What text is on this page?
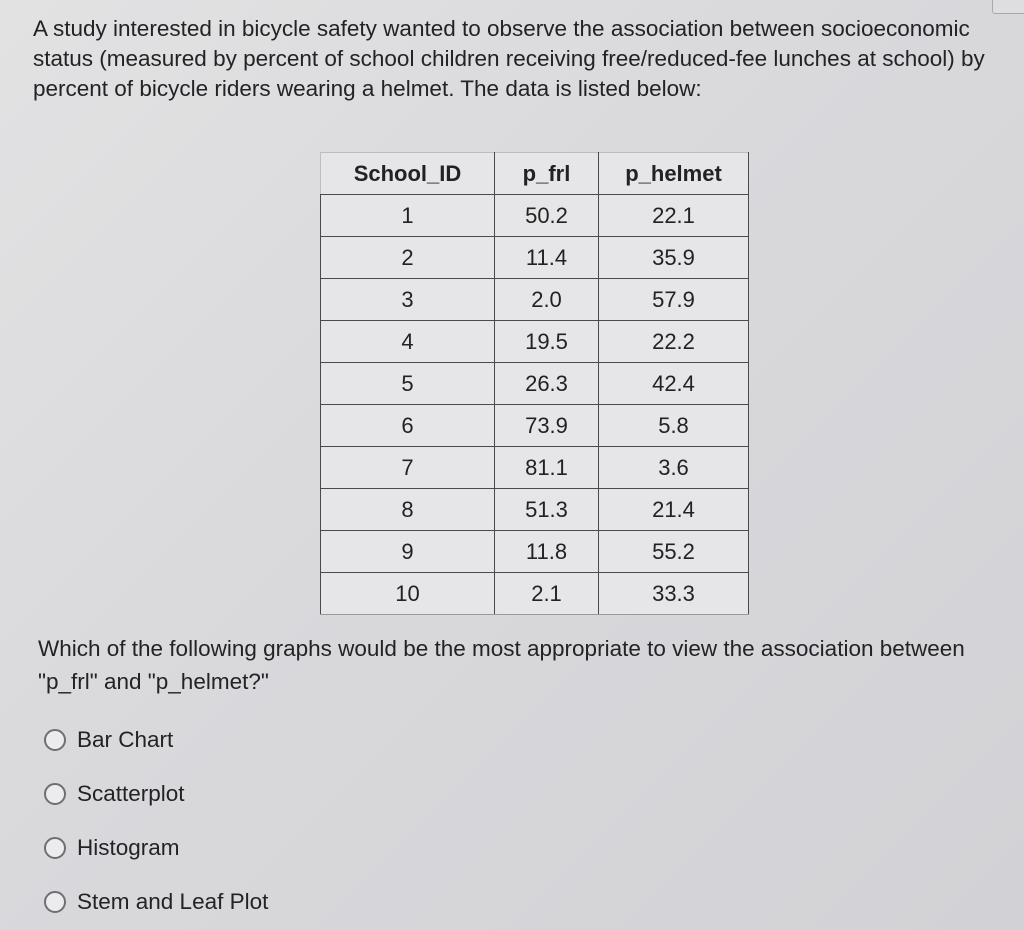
A study interested in bicycle safety wanted to observe the association between socioeconomic status (measured by percent of school children receiving free/reduced-fee lunches at school) by percent of bicycle riders wearing a helmet. The data is listed below:

School_ID	p_frl	p_helmet
1	50.2	22.1
2	11.4	35.9
3	2.0	57.9
4	19.5	22.2
5	26.3	42.4
6	73.9	5.8
7	81.1	3.6
8	51.3	21.4
9	11.8	55.2
10	2.1	33.3

Which of the following graphs would be the most appropriate to view the association between "p_frl" and "p_helmet?"

Bar Chart
Scatterplot
Histogram
Stem and Leaf Plot
